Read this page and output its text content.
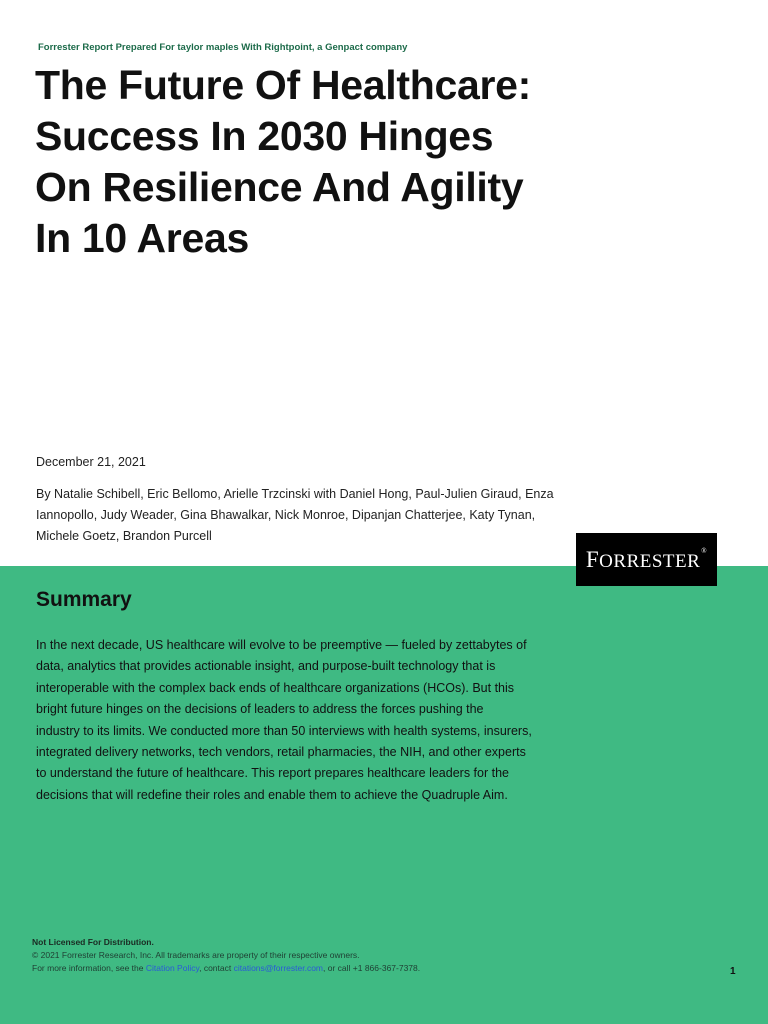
Forrester Report Prepared For taylor maples With Rightpoint, a Genpact company
The Future Of Healthcare:
Success In 2030 Hinges
On Resilience And Agility
In 10 Areas
December 21, 2021
By Natalie Schibell, Eric Bellomo, Arielle Trzcinski with Daniel Hong, Paul-Julien Giraud, Enza
Iannopollo, Judy Weader, Gina Bhawalkar, Nick Monroe, Dipanjan Chatterjee, Katy Tynan,
Michele Goetz, Brandon Purcell
FORRESTER®
Summary
In the next decade, US healthcare will evolve to be preemptive — fueled by zettabytes of
data, analytics that provides actionable insight, and purpose-built technology that is
interoperable with the complex back ends of healthcare organizations (HCOs). But this
bright future hinges on the decisions of leaders to address the forces pushing the
industry to its limits. We conducted more than 50 interviews with health systems, insurers,
integrated delivery networks, tech vendors, retail pharmacies, the NIH, and other experts
to understand the future of healthcare. This report prepares healthcare leaders for the
decisions that will redefine their roles and enable them to achieve the Quadruple Aim.
Not Licensed For Distribution.
© 2021 Forrester Research, Inc. All trademarks are property of their respective owners.
For more information, see the Citation Policy, contact citations@forrester.com, or call +1 866-367-7378.	1
